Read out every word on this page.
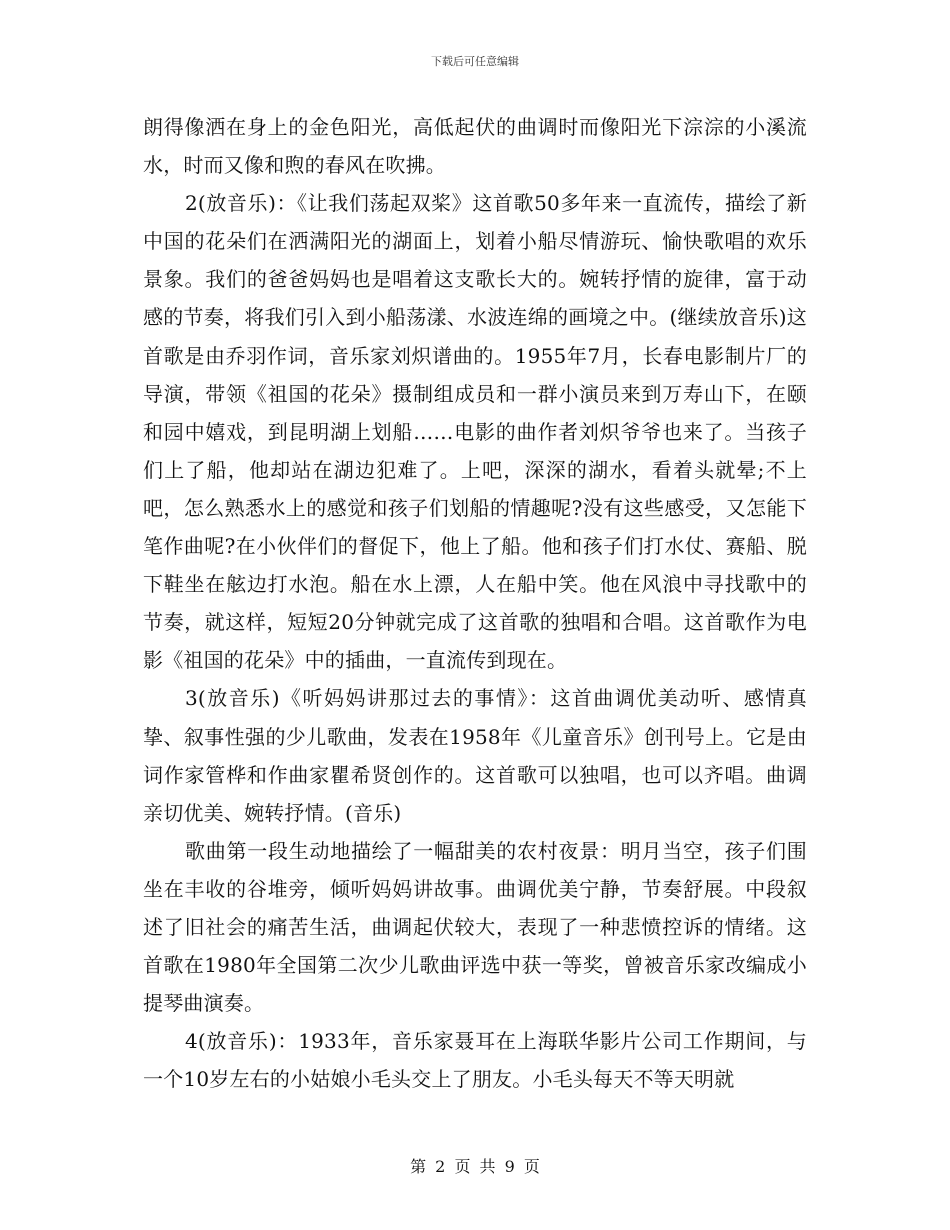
下载后可任意编辑

朗得像洒在身上的金色阳光，高低起伏的曲调时而像阳光下淙淙的小溪流水，时而又像和煦的春风在吹拂。

2(放音乐)：《让我们荡起双桨》这首歌50多年来一直流传，描绘了新中国的花朵们在洒满阳光的湖面上，划着小船尽情游玩、愉快歌唱的欢乐景象。我们的爸爸妈妈也是唱着这支歌长大的。婉转抒情的旋律，富于动感的节奏，将我们引入到小船荡漾、水波连绵的画境之中。(继续放音乐)这首歌是由乔羽作词，音乐家刘炽谱曲的。1955年7月，长春电影制片厂的导演，带领《祖国的花朵》摄制组成员和一群小演员来到万寿山下，在颐和园中嬉戏，到昆明湖上划船……电影的曲作者刘炽爷爷也来了。当孩子们上了船，他却站在湖边犯难了。上吧，深深的湖水，看着头就晕;不上吧，怎么熟悉水上的感觉和孩子们划船的情趣呢?没有这些感受，又怎能下笔作曲呢?在小伙伴们的督促下，他上了船。他和孩子们打水仗、赛船、脱下鞋坐在舷边打水泡。船在水上漂，人在船中笑。他在风浪中寻找歌中的节奏，就这样，短短20分钟就完成了这首歌的独唱和合唱。这首歌作为电影《祖国的花朵》中的插曲，一直流传到现在。

3(放音乐)《听妈妈讲那过去的事情》：这首曲调优美动听、感情真挚、叙事性强的少儿歌曲，发表在1958年《儿童音乐》创刊号上。它是由词作家管桦和作曲家瞿希贤创作的。这首歌可以独唱，也可以齐唱。曲调亲切优美、婉转抒情。(音乐)

歌曲第一段生动地描绘了一幅甜美的农村夜景：明月当空，孩子们围坐在丰收的谷堆旁，倾听妈妈讲故事。曲调优美宁静，节奏舒展。中段叙述了旧社会的痛苦生活，曲调起伏较大，表现了一种悲愤控诉的情绪。这首歌在1980年全国第二次少儿歌曲评选中获一等奖，曾被音乐家改编成小提琴曲演奏。

4(放音乐)：1933年，音乐家聂耳在上海联华影片公司工作期间，与一个10岁左右的小姑娘小毛头交上了朋友。小毛头每天不等天明就

第 2 页 共 9 页
